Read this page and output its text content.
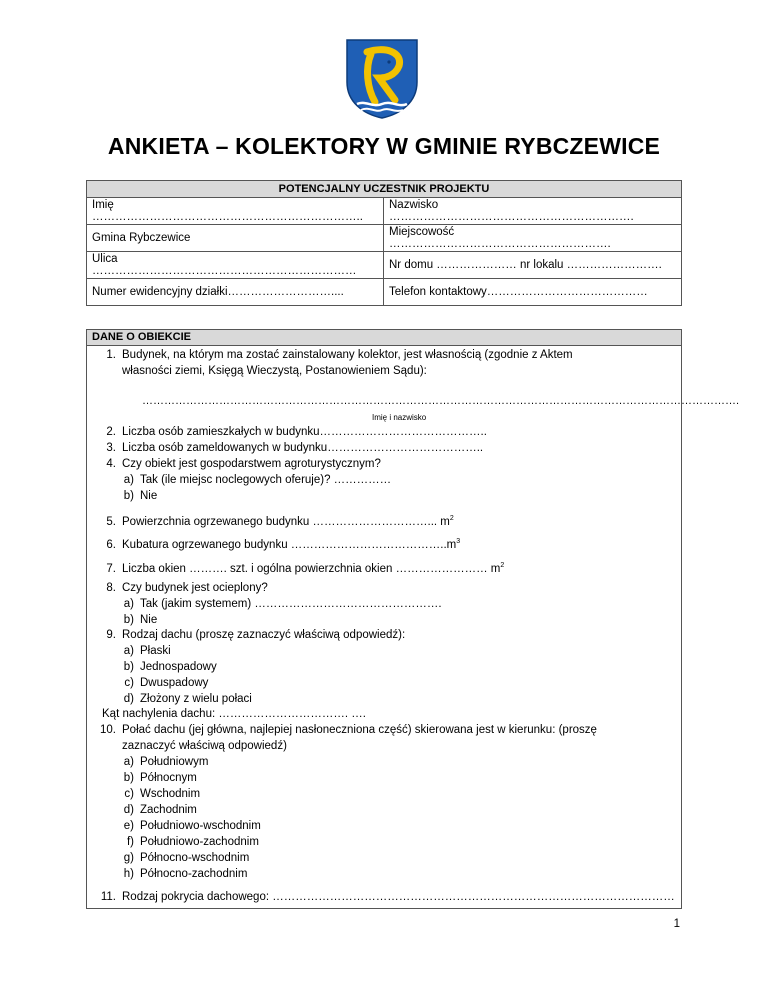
ANKIETA – KOLEKTORY W GMINIE RYBCZEWICE
POTENCJALNY UCZESTNIK PROJEKTU	
Imię ……………………………………………………………..	Nazwisko ……………………………………………………….
Gmina Rybczewice	Miejscowość ………………………………………………….
Ulica ……………………………………………………………	Nr domu ………………… nr lokalu …………………….
Numer ewidencyjny działki………………………....	Telefon kontaktowy……………………………………
DANE O OBIEKCIE
1. Budynek, na którym ma zostać zainstalowany kolektor, jest własnością (zgodnie z Aktem
własności ziemi, Księgą Wieczystą, Postanowieniem Sądu):
……………………………………………………………………………………………………………………………………………….
Imię i nazwisko
2. Liczba osób zamieszkałych w budynku……………………………………..
3. Liczba osób zameldowanych w budynku…………………………………..
4. Czy obiekt jest gospodarstwem agroturystycznym?
a) Tak (ile miejsc noclegowych oferuje)? ……………
b) Nie
5. Powierzchnia ogrzewanego budynku …………………………... $m^2$
6. Kubatura ogrzewanego budynku $\dots\dots\dots\dots\dots\dots\dots\dots\dots\dots\dots\dots\dots..m^3$
7. Liczba okien ………. szt. i ogólna powierzchnia okien …………………… $m^2$
8. Czy budynek jest ocieplony?
a) Tak (jakim systemem) ………………………………………….
b) Nie
9. Rodzaj dachu (proszę zaznaczyć właściwą odpowiedź):
a) Płaski
b) Jednospadowy
c) Dwuspadowy
d) Złożony z wielu połaci
Kąt nachylenia dachu: ……………………………. ….
10. Połać dachu (jej główna, najlepiej nasłoneczniona część) skierowana jest w kierunku: (proszę
zaznaczyć właściwą odpowiedź)
a) Południowym
b) Północnym
c) Wschodnim
d) Zachodnim
e) Południowo-wschodnim
f) Południowo-zachodnim
g) Północno-wschodnim
h) Północno-zachodnim
11. Rodzaj pokrycia dachowego: ……………………………………………………………………………………………
1
